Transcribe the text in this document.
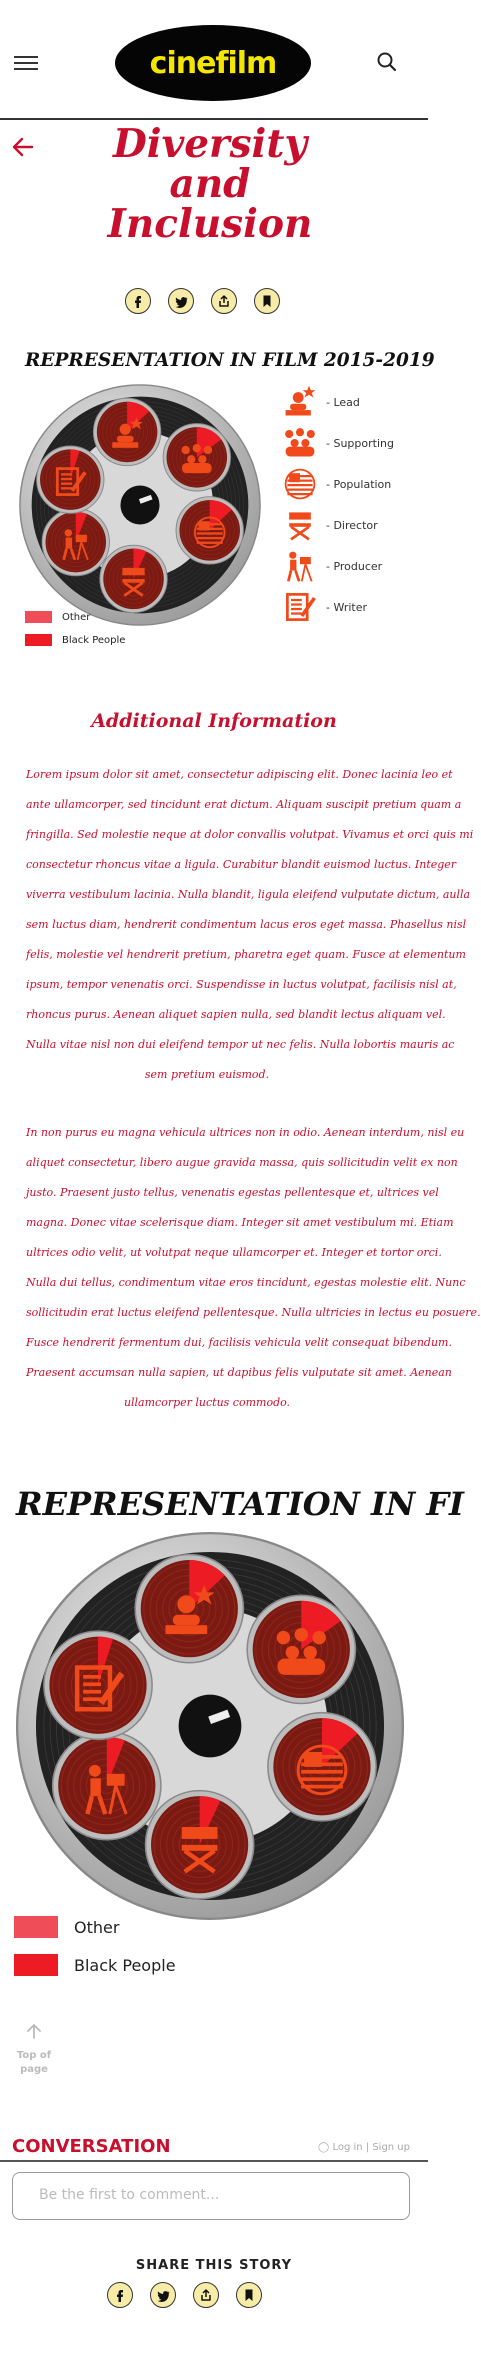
cinefilm
Diversity
and
Inclusion
REPRESENTATION IN FILM 2015-2019
Other
Black People
- Lead
- Supporting
- Population
- Director
- Producer
- Writer
Additional Information
Lorem ipsum dolor sit amet, consectetur adipiscing elit. Donec lacinia leo et
ante ullamcorper, sed tincidunt erat dictum. Aliquam suscipit pretium quam a
fringilla. Sed molestie neque at dolor convallis volutpat. Vivamus et orci quis mi
consectetur rhoncus vitae a ligula. Curabitur blandit euismod luctus. Integer
viverra vestibulum lacinia. Nulla blandit, ligula eleifend vulputate dictum, aulla
sem luctus diam, hendrerit condimentum lacus eros eget massa. Phasellus nisl
felis, molestie vel hendrerit pretium, pharetra eget quam. Fusce at elementum
ipsum, tempor venenatis orci. Suspendisse in luctus volutpat, facilisis nisl at,
rhoncus purus. Aenean aliquet sapien nulla, sed blandit lectus aliquam vel.
Nulla vitae nisl non dui eleifend tempor ut nec felis. Nulla lobortis mauris ac
sem pretium euismod.
In non purus eu magna vehicula ultrices non in odio. Aenean interdum, nisl eu
aliquet consectetur, libero augue gravida massa, quis sollicitudin velit ex non
justo. Praesent justo tellus, venenatis egestas pellentesque et, ultrices vel
magna. Donec vitae scelerisque diam. Integer sit amet vestibulum mi. Etiam
ultrices odio velit, ut volutpat neque ullamcorper et. Integer et tortor orci.
Nulla dui tellus, condimentum vitae eros tincidunt, egestas molestie elit. Nunc
sollicitudin erat luctus eleifend pellentesque. Nulla ultricies in lectus eu posuere.
Fusce hendrerit fermentum dui, facilisis vehicula velit consequat bibendum.
Praesent accumsan nulla sapien, ut dapibus felis vulputate sit amet. Aenean
ullamcorper luctus commodo.
REPRESENTATION IN FI
Other
Black People
Top of page
CONVERSATION	◯ Log in | Sign up
Be the first to comment...
SHARE THIS STORY
